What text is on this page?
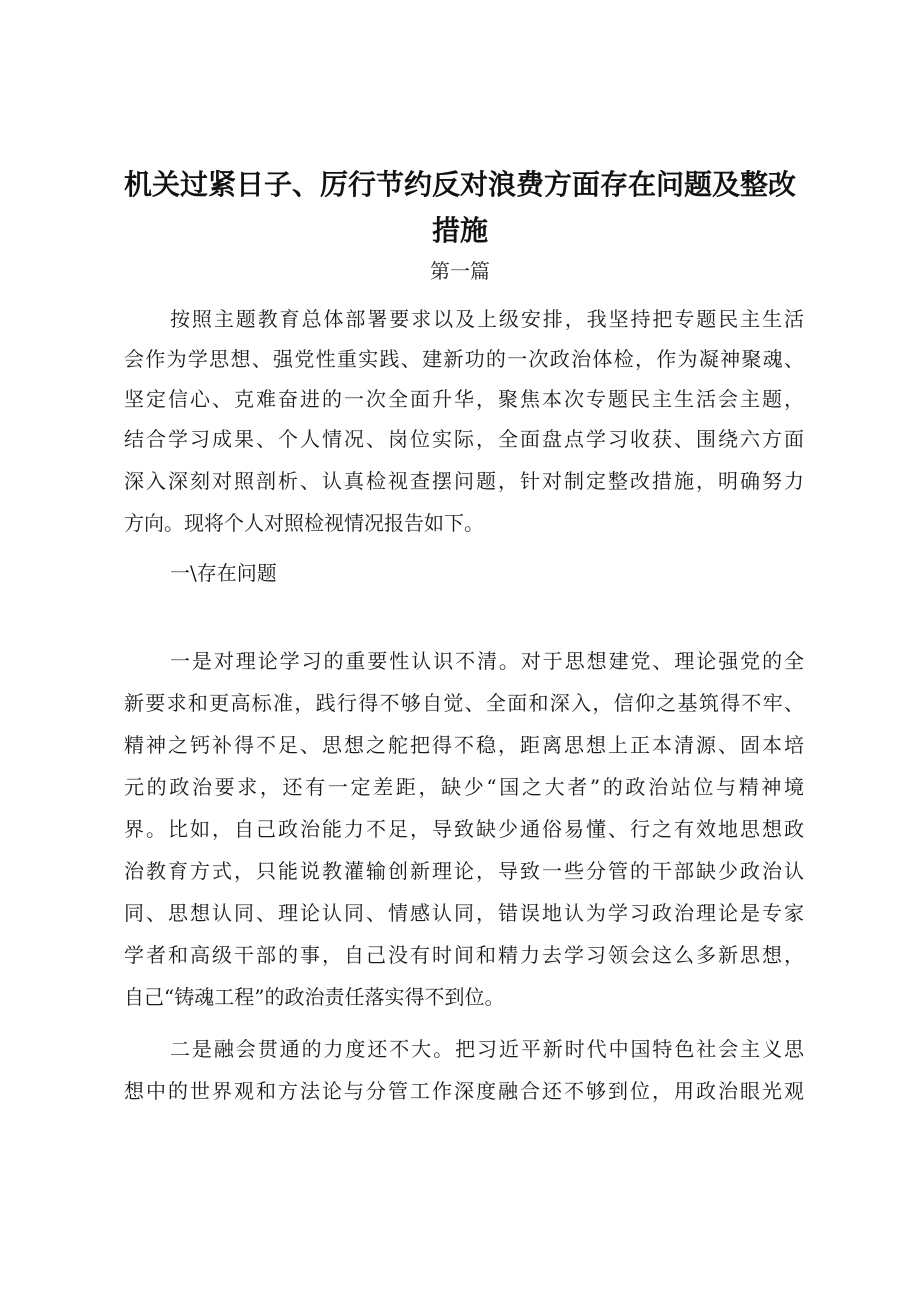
机关过紧日子、厉行节约反对浪费方面存在问题及整改
措施
第一篇
按照主题教育总体部署要求以及上级安排，我坚持把专题民主生活
会作为学思想、强党性重实践、建新功的一次政治体检，作为凝神聚魂、
坚定信心、克难奋进的一次全面升华，聚焦本次专题民主生活会主题，
结合学习成果、个人情况、岗位实际，全面盘点学习收获、围绕六方面
深入深刻对照剖析、认真检视查摆问题，针对制定整改措施，明确努力
方向。现将个人对照检视情况报告如下。
一\存在问题
一是对理论学习的重要性认识不清。对于思想建党、理论强党的全
新要求和更高标准，践行得不够自觉、全面和深入，信仰之基筑得不牢、
精神之钙补得不足、思想之舵把得不稳，距离思想上正本清源、固本培
元的政治要求，还有一定差距，缺少“国之大者”的政治站位与精神境
界。比如，自己政治能力不足，导致缺少通俗易懂、行之有效地思想政
治教育方式，只能说教灌输创新理论，导致一些分管的干部缺少政治认
同、思想认同、理论认同、情感认同，错误地认为学习政治理论是专家
学者和高级干部的事，自己没有时间和精力去学习领会这么多新思想，
自己“铸魂工程”的政治责任落实得不到位。
二是融会贯通的力度还不大。把习近平新时代中国特色社会主义思
想中的世界观和方法论与分管工作深度融合还不够到位，用政治眼光观
